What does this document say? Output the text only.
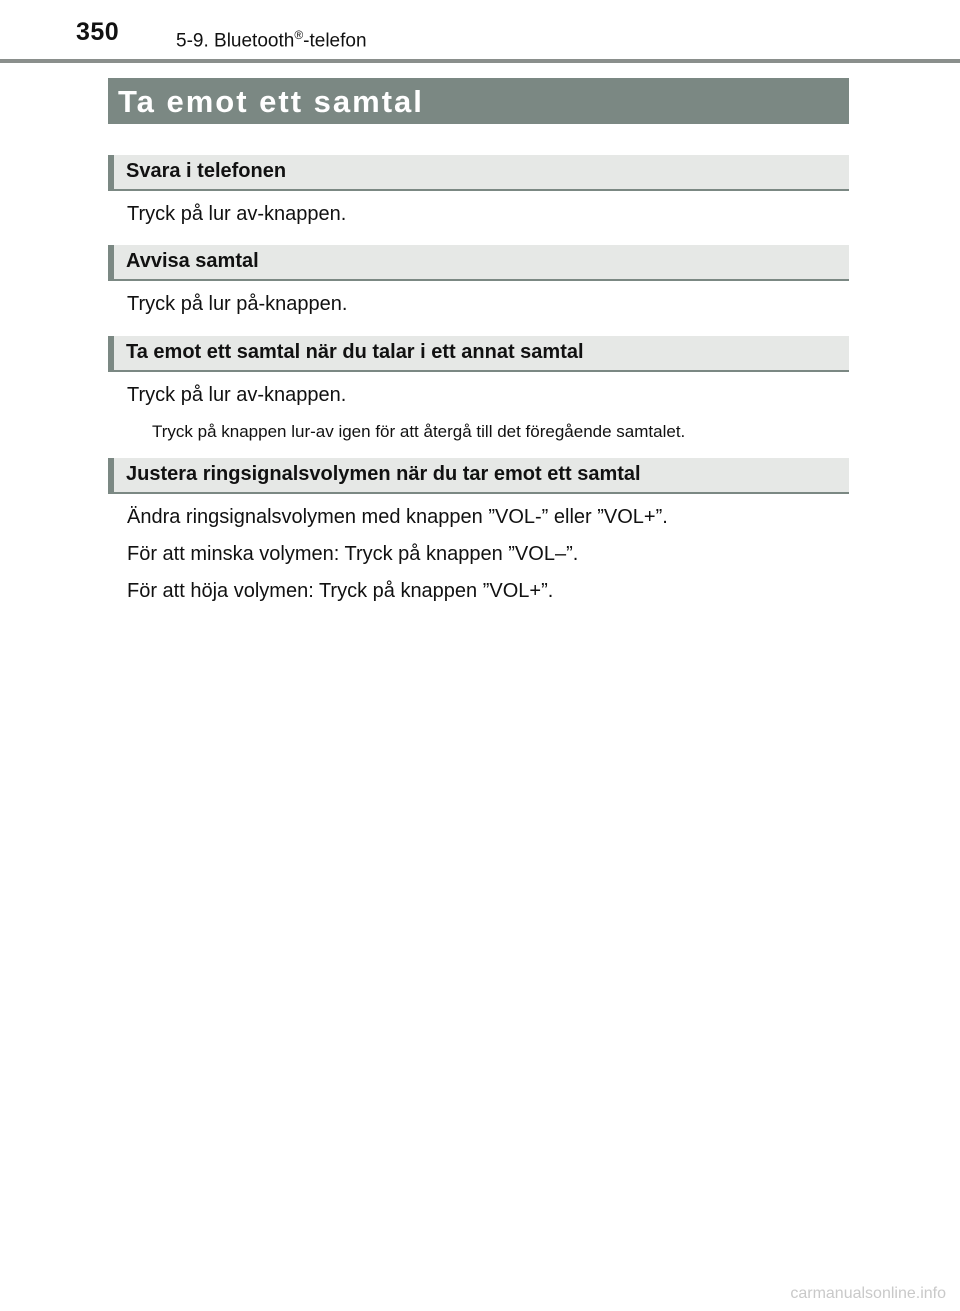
350	5-9. Bluetooth®-telefon
Ta emot ett samtal
Svara i telefonen
Tryck på lur av-knappen.
Avvisa samtal
Tryck på lur på-knappen.
Ta emot ett samtal när du talar i ett annat samtal
Tryck på lur av-knappen.
Tryck på knappen lur-av igen för att återgå till det föregående samtalet.
Justera ringsignalsvolymen när du tar emot ett samtal
Ändra ringsignalsvolymen med knappen ”VOL-” eller ”VOL+”.
För att minska volymen: Tryck på knappen ”VOL–”.
För att höja volymen: Tryck på knappen ”VOL+”.
carmanualsonline.info
